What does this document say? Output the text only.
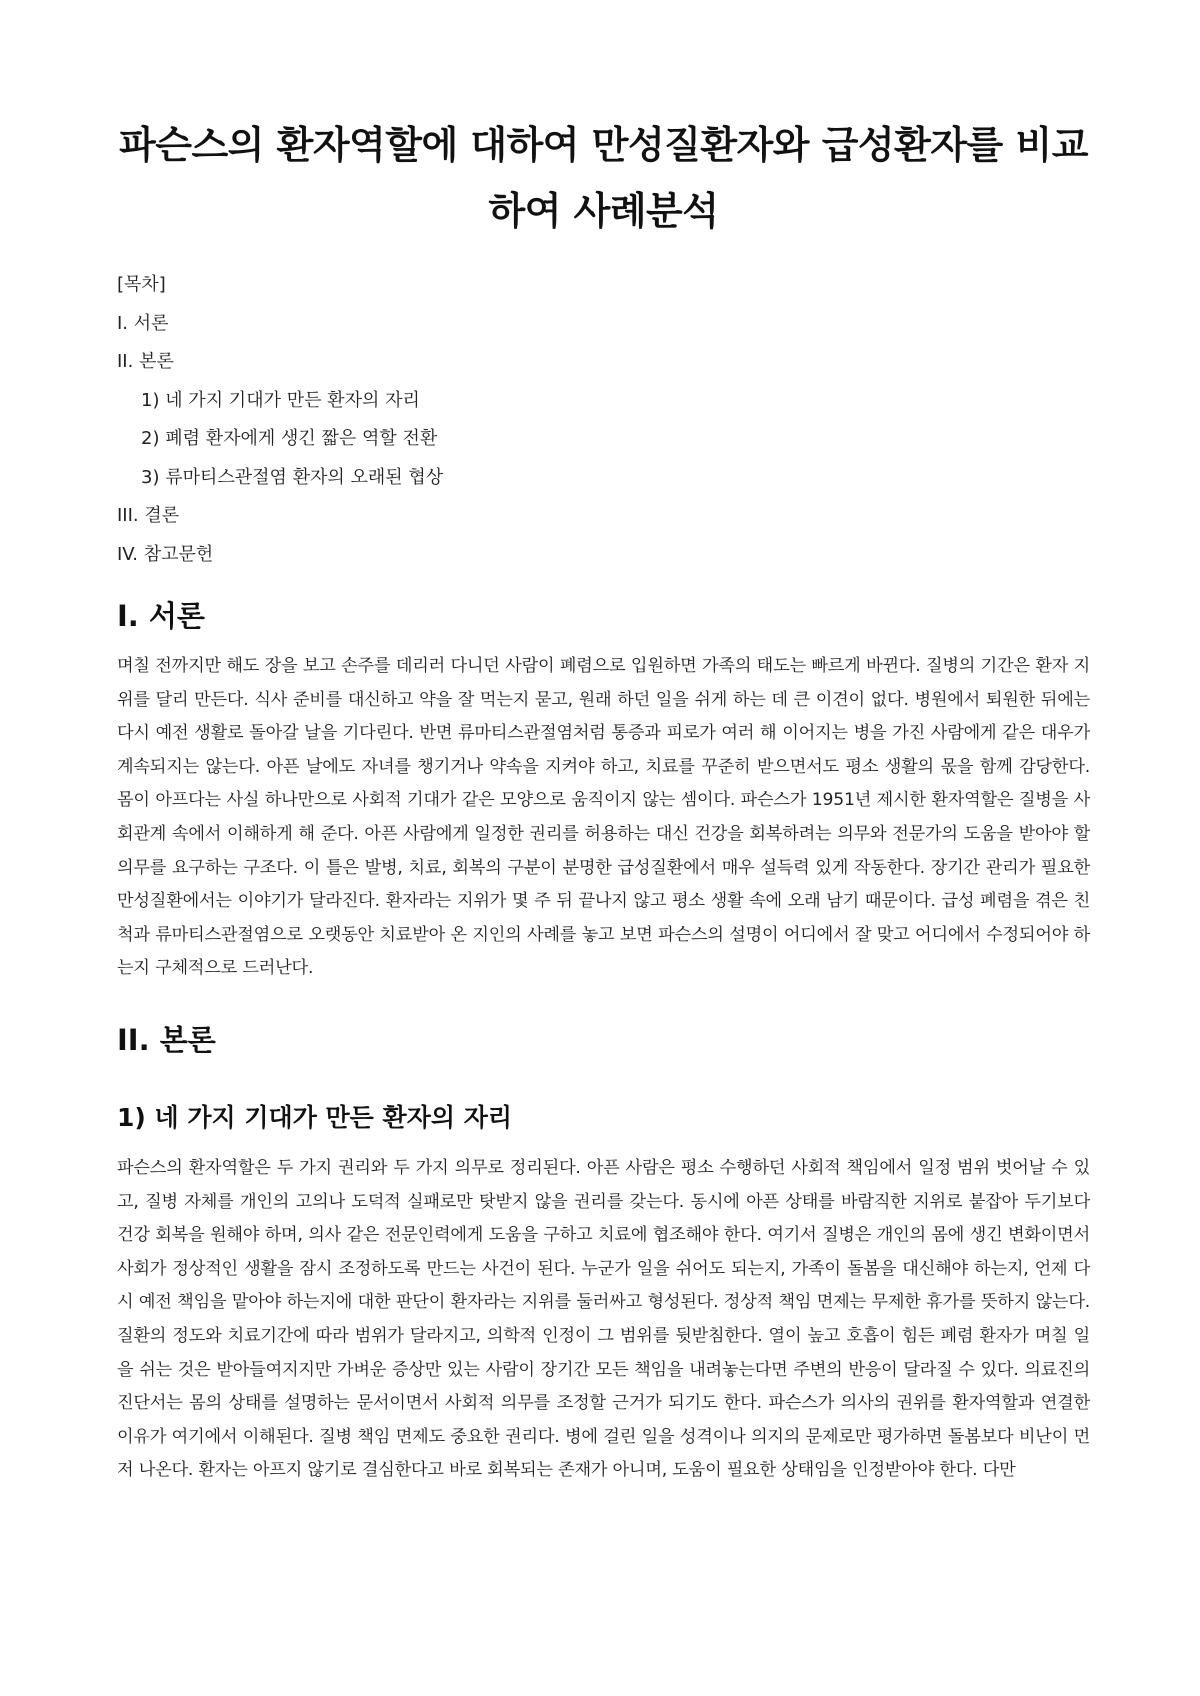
파슨스의 환자역할에 대하여 만성질환자와 급성환자를 비교하여 사례분석
[목차]
I. 서론
II. 본론
1) 네 가지 기대가 만든 환자의 자리
2) 폐렴 환자에게 생긴 짧은 역할 전환
3) 류마티스관절염 환자의 오래된 협상
III. 결론
IV. 참고문헌
I. 서론

며칠 전까지만 해도 장을 보고 손주를 데리러 다니던 사람이 폐렴으로 입원하면 가족의 태도는 빠르게 바뀐다. 질병의 기간은 환자 지위를 달리 만든다. 식사 준비를 대신하고 약을 잘 먹는지 묻고, 원래 하던 일을 쉬게 하는 데 큰 이견이 없다. 병원에서 퇴원한 뒤에는 다시 예전 생활로 돌아갈 날을 기다린다. 반면 류마티스관절염처럼 통증과 피로가 여러 해 이어지는 병을 가진 사람에게 같은 대우가 계속되지는 않는다. 아픈 날에도 자녀를 챙기거나 약속을 지켜야 하고, 치료를 꾸준히 받으면서도 평소 생활의 몫을 함께 감당한다. 몸이 아프다는 사실 하나만으로 사회적 기대가 같은 모양으로 움직이지 않는 셈이다. 파슨스가 1951년 제시한 환자역할은 질병을 사회관계 속에서 이해하게 해 준다. 아픈 사람에게 일정한 권리를 허용하는 대신 건강을 회복하려는 의무와 전문가의 도움을 받아야 할 의무를 요구하는 구조다. 이 틀은 발병, 치료, 회복의 구분이 분명한 급성질환에서 매우 설득력 있게 작동한다. 장기간 관리가 필요한 만성질환에서는 이야기가 달라진다. 환자라는 지위가 몇 주 뒤 끝나지 않고 평소 생활 속에 오래 남기 때문이다. 급성 폐렴을 겪은 친척과 류마티스관절염으로 오랫동안 치료받아 온 지인의 사례를 놓고 보면 파슨스의 설명이 어디에서 잘 맞고 어디에서 수정되어야 하는지 구체적으로 드러난다.

II. 본론
1) 네 가지 기대가 만든 환자의 자리

파슨스의 환자역할은 두 가지 권리와 두 가지 의무로 정리된다. 아픈 사람은 평소 수행하던 사회적 책임에서 일정 범위 벗어날 수 있고, 질병 자체를 개인의 고의나 도덕적 실패로만 탓받지 않을 권리를 갖는다. 동시에 아픈 상태를 바람직한 지위로 붙잡아 두기보다 건강 회복을 원해야 하며, 의사 같은 전문인력에게 도움을 구하고 치료에 협조해야 한다. 여기서 질병은 개인의 몸에 생긴 변화이면서 사회가 정상적인 생활을 잠시 조정하도록 만드는 사건이 된다. 누군가 일을 쉬어도 되는지, 가족이 돌봄을 대신해야 하는지, 언제 다시 예전 책임을 맡아야 하는지에 대한 판단이 환자라는 지위를 둘러싸고 형성된다. 정상적 책임 면제는 무제한 휴가를 뜻하지 않는다. 질환의 정도와 치료기간에 따라 범위가 달라지고, 의학적 인정이 그 범위를 뒷받침한다. 열이 높고 호흡이 힘든 폐렴 환자가 며칠 일을 쉬는 것은 받아들여지지만 가벼운 증상만 있는 사람이 장기간 모든 책임을 내려놓는다면 주변의 반응이 달라질 수 있다. 의료진의 진단서는 몸의 상태를 설명하는 문서이면서 사회적 의무를 조정할 근거가 되기도 한다. 파슨스가 의사의 권위를 환자역할과 연결한 이유가 여기에서 이해된다. 질병 책임 면제도 중요한 권리다. 병에 걸린 일을 성격이나 의지의 문제로만 평가하면 돌봄보다 비난이 먼저 나온다. 환자는 아프지 않기로 결심한다고 바로 회복되는 존재가 아니며, 도움이 필요한 상태임을 인정받아야 한다. 다만
